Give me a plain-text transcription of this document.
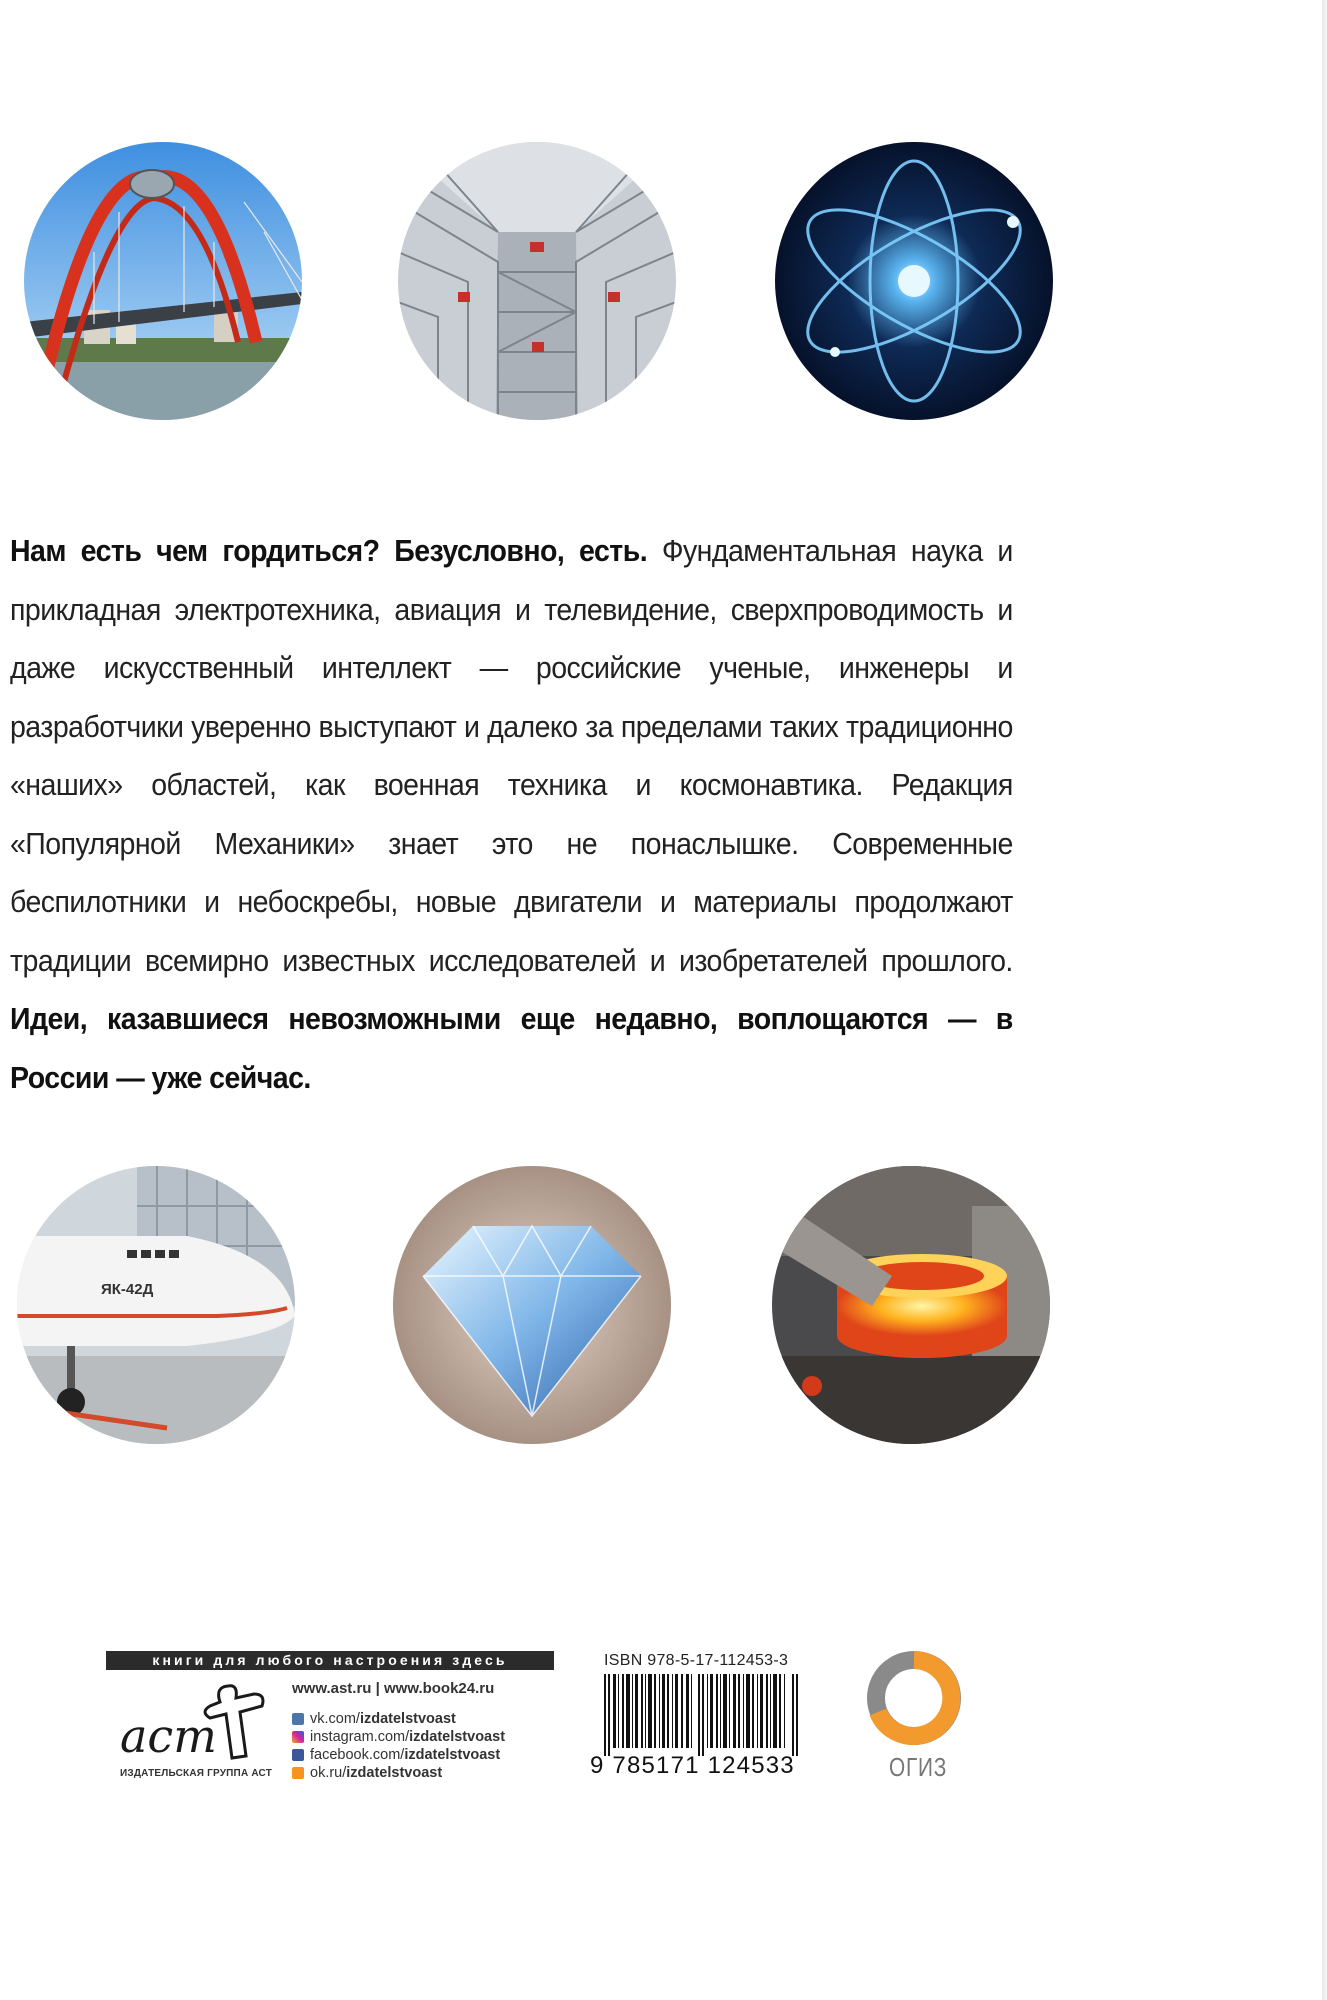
Нам есть чем гордиться? Безусловно, есть. Фундаментальная наука и прикладная электротехника, авиация и телевидение, сверхпроводимость и даже искусственный интеллект — российские ученые, инженеры и разработчики уверенно выступают и далеко за пределами таких традиционно «наших» областей, как военная техника и космонавтика. Редакция «Популярной Механики» знает это не понаслышке. Современные беспилотники и небоскребы, новые двигатели и материалы продолжают традиции всемирно известных исследователей и изобретателей прошлого. Идеи, казавшиеся невозможными еще недавно, воплощаются — в России — уже сейчас.
ЯК-42Д
книги для любого настроения здесь
аст
ИЗДАТЕЛЬСКАЯ ГРУППА АСТ
www.ast.ru | www.book24.ru
vk.com/izdatelstvoast
instagram.com/izdatelstvoast
facebook.com/izdatelstvoast
ok.ru/izdatelstvoast
ISBN 978-5-17-112453-3
9 785171 124533	ОГИЗ
